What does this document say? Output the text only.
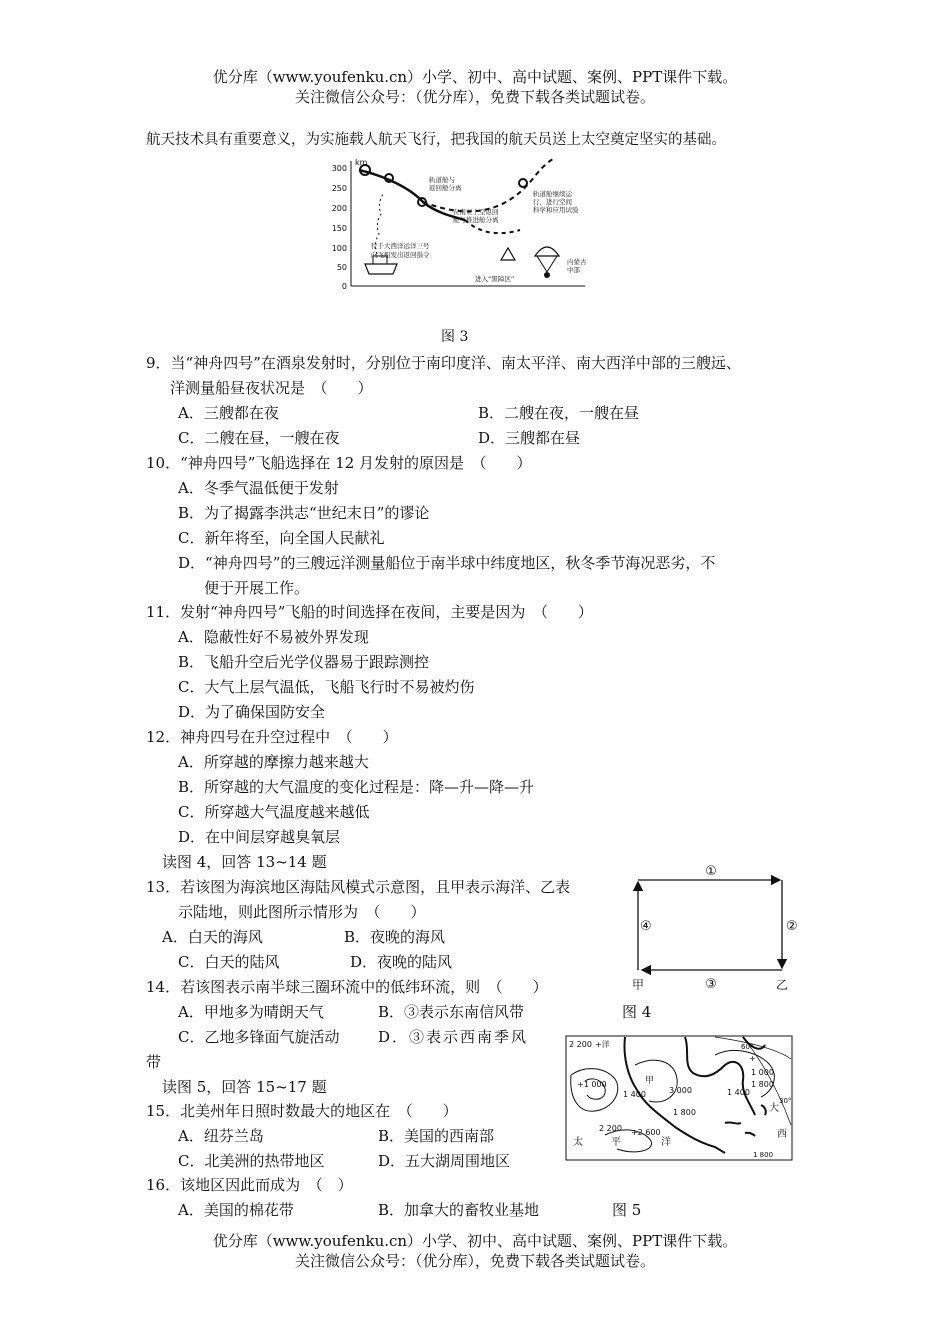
优分库（www.youfenku.cn）小学、初中、高中试题、案例、PPT课件下载。
关注微信公众号：（优分库），免费下载各类试题试卷。
航天技术具有重要意义，为实施载人航天飞行，把我国的航天员送上太空奠定坚实的基础。
km
300
250
200
150
100
50
0
轨道舱与返回舱分离
在南亚上空返回舱与推进舱分离
轨道舱继续运行，进行空间科学和应用试验
位于大西洋远洋三号向飞船发出返回指令
进入“黑障区”
内蒙古中部
图 3
9．当“神舟四号”在酒泉发射时，分别位于南印度洋、南太平洋、南大西洋中部的三艘远、
洋测量船昼夜状况是　（　　）
A．三艘都在夜	B．二艘在夜，一艘在昼
C．二艘在昼，一艘在夜	D．三艘都在昼
10．“神舟四号”飞船选择在 12 月发射的原因是　（　　）
A．冬季气温低便于发射
B．为了揭露李洪志“世纪末日”的谬论
C．新年将至，向全国人民献礼
D．“神舟四号”的三艘远洋测量船位于南半球中纬度地区，秋冬季节海况恶劣，不
便于开展工作。
11．发射“神舟四号”飞船的时间选择在夜间，主要是因为　（　　）
A．隐蔽性好不易被外界发现
B．飞船升空后光学仪器易于跟踪测控
C．大气上层气温低，飞船飞行时不易被灼伤
D．为了确保国防安全
12．神舟四号在升空过程中　（　　）
A．所穿越的摩擦力越来越大
B．所穿越的大气温度的变化过程是：降—升—降—升
C．所穿越大气温度越来越低
D．在中间层穿越臭氧层
读图 4，回答 13~14 题
13．若该图为海滨地区海陆风模式示意图，且甲表示海洋、乙表
示陆地，则此图所示情形为　（　　）
A．白天的海风	B．夜晚的海风
C．白天的陆风	D．夜晚的陆风
①
②
③
④
甲	乙
14．若该图表示南半球三圈环流中的低纬环流，则　（　　）
A．甲地多为晴朗天气	B．③表示东南信风带	图 4
C．乙地多锋面气旋活动	D．③表示西南季风
带
读图 5，回答 15~17 题
2 200 +洋
+1 000
1 400
甲
3 000
1 800
1 400
1 000
1 800
2 200 +2 600
太	平	洋
大
西
60°
30°
1 800
+
15．北美州年日照时数最大的地区在　（　　）
A．纽芬兰岛	B．美国的西南部
C．北美洲的热带地区	D．五大湖周围地区
16．该地区因此而成为　（　）
A．美国的棉花带	B．加拿大的畜牧业基地	图 5
优分库（www.youfenku.cn）小学、初中、高中试题、案例、PPT课件下载。
关注微信公众号：（优分库），免费下载各类试题试卷。
